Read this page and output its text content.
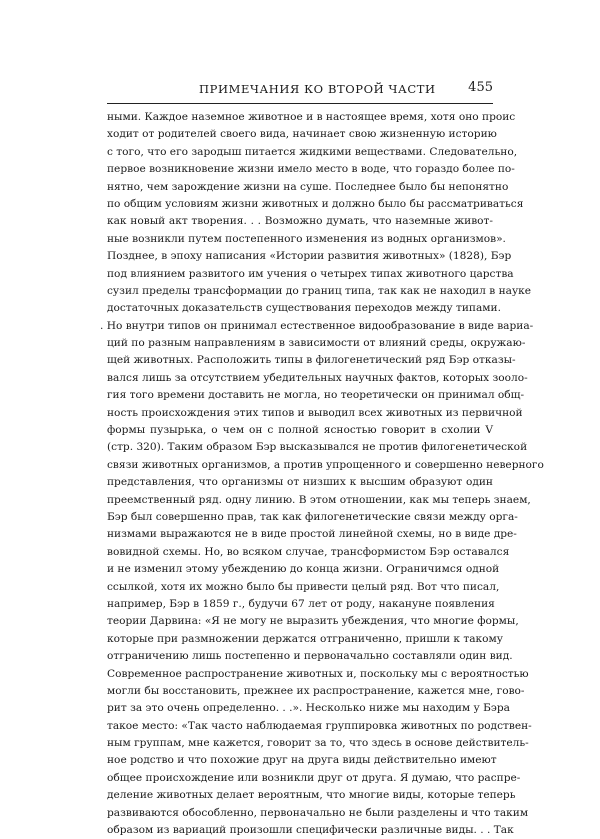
ПРИМЕЧАНИЯ КО ВТОРОЙ ЧАСТИ	455
ными. Каждое наземное животное и в настоящее время, хотя оно проис
ходит от родителей своего вида, начинает свою жизненную историю
с того, что его зародыш питается жидкими веществами. Следовательно,
первое возникновение жизни имело место в воде, что гораздо более по-
нятно, чем зарождение жизни на суше. Последнее было бы непонятно
по общим условиям жизни животных и должно было бы рассматриваться
как новый акт творения. . . Возможно думать, что наземные живот-
ные возникли путем постепенного изменения из водных организмов».
Позднее, в эпоху написания «Истории развития животных» (1828), Бэр
под влиянием развитого им учения о четырех типах животного царства
сузил пределы трансформации до границ типа, так как не находил в науке
достаточных доказательств существования переходов между типами.
. Но внутри типов он принимал естественное видообразование в виде вариа-
ций по разным направлениям в зависимости от влияний среды, окружаю-
щей животных. Расположить типы в филогенетический ряд Бэр отказы-
вался лишь за отсутствием убедительных научных фактов, которых зооло-
гия того времени доставить не могла, но теоретически он принимал общ-
ность происхождения этих типов и выводил всех животных из первичной
формы пузырька, о чем он с полной ясностью говорит в схолии V
(стр. 320). Таким образом Бэр высказывался не против филогенетической
связи животных организмов, а против упрощенного и совершенно неверного
представления, что организмы от низших к высшим образуют один
преемственный ряд. одну линию. В этом отношении, как мы теперь знаем,
Бэр был совершенно прав, так как филогенетические связи между орга-
низмами выражаются не в виде простой линейной схемы, но в виде дре-
вовидной схемы. Но, во всяком случае, трансформистом Бэр оставался
и не изменил этому убеждению до конца жизни. Ограничимся одной
ссылкой, хотя их можно было бы привести целый ряд. Вот что писал,
например, Бэр в 1859 г., будучи 67 лет от роду, накануне появления
теории Дарвина: «Я не могу не выразить убеждения, что многие формы,
которые при размножении держатся отграниченно, пришли к такому
отграничению лишь постепенно и первоначально составляли один вид.
Современное распространение животных и, поскольку мы с вероятностью
могли бы восстановить, прежнее их распространение, кажется мне, гово-
рит за это очень определенно. . .». Несколько ниже мы находим у Бэра
такое место: «Так часто наблюдаемая группировка животных по родствен-
ным группам, мне кажется, говорит за то, что здесь в основе действитель-
ное родство и что похожие друг на друга виды действительно имеют
общее происхождение или возникли друг от друга. Я думаю, что распре-
деление животных делает вероятным, что многие виды, которые теперь
развиваются обособленно, первоначально не были разделены и что таким
образом из вариаций произошли специфически различные виды. . . Так
